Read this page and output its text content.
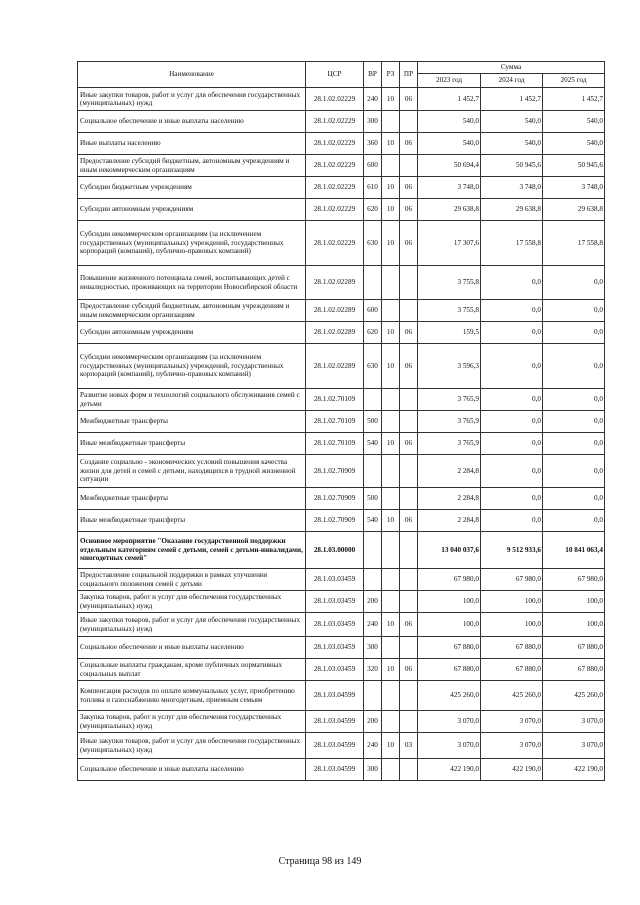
Наименование	ЦСР	ВР	РЗ	ПР	Сумма		
					2023 год	2024 год	2025 год
Иные закупки товаров, работ и услуг для обеспечения государственных (муниципальных) нужд	28.1.02.02229	240	10	06	1 452,7	1 452,7	1 452,7
Социальное обеспечение и иные выплаты населению	28.1.02.02229	300			540,0	540,0	540,0
Иные выплаты населению	28.1.02.02229	360	10	06	540,0	540,0	540,0
Предоставление субсидий бюджетным, автономным учреждениям и иным некоммерческим организациям	28.1.02.02229	600			50 694,4	50 945,6	50 945,6
Субсидии бюджетным учреждениям	28.1.02.02229	610	10	06	3 748,0	3 748,0	3 748,0
Субсидии автономным учреждениям	28.1.02.02229	620	10	06	29 638,8	29 638,8	29 638,8
Субсидии некоммерческим организациям (за исключением государственных (муниципальных) учреждений, государственных корпораций (компаний), публично-правовых компаний)	28.1.02.02229	630	10	06	17 307,6	17 558,8	17 558,8
Повышение жизненного потенциала семей, воспитывающих детей с инвалидностью, проживающих на территории Новосибирской области	28.1.02.02289				3 755,8	0,0	0,0
Предоставление субсидий бюджетным, автономным учреждениям и иным некоммерческим организациям	28.1.02.02289	600			3 755,8	0,0	0,0
Субсидии автономным учреждениям	28.1.02.02289	620	10	06	159,5	0,0	0,0
Субсидии некоммерческим организациям (за исключением государственных (муниципальных) учреждений, государственных корпораций (компаний), публично-правовых компаний)	28.1.02.02289	630	10	06	3 596,3	0,0	0,0
Развитие новых форм и технологий социального обслуживания семей с детьми	28.1.02.70109				3 765,9	0,0	0,0
Межбюджетные трансферты	28.1.02.70109	500			3 765,9	0,0	0,0
Иные межбюджетные трансферты	28.1.02.70109	540	10	06	3 765,9	0,0	0,0
Создание социально - экономических условий повышения качества жизни для детей и семей с детьми, находящихся в трудной жизненной ситуации	28.1.02.70909				2 284,8	0,0	0,0
Межбюджетные трансферты	28.1.02.70909	500			2 284,8	0,0	0,0
Иные межбюджетные трансферты	28.1.02.70909	540	10	06	2 284,8	0,0	0,0
Основное мероприятие "Оказание государственной поддержки отдельным категориям семей с детьми, семей с детьми-инвалидами, многодетных семей"	28.1.03.00000				13 040 037,6	9 512 933,6	10 841 063,4
Предоставление социальной поддержки в рамках улучшения социального положения семей с детьми	28.1.03.03459				67 980,0	67 980,0	67 980,0
Закупка товаров, работ и услуг для обеспечения государственных (муниципальных) нужд	28.1.03.03459	200			100,0	100,0	100,0
Иные закупки товаров, работ и услуг для обеспечения государственных (муниципальных) нужд	28.1.03.03459	240	10	06	100,0	100,0	100,0
Социальное обеспечение и иные выплаты населению	28.1.03.03459	300			67 880,0	67 880,0	67 880,0
Социальные выплаты гражданам, кроме публичных нормативных социальных выплат	28.1.03.03459	320	10	06	67 880,0	67 880,0	67 880,0
Компенсация расходов по оплате коммунальных услуг, приобретению топлива и газоснабжению многодетным, приемным семьям	28.1.03.04599				425 260,0	425 260,0	425 260,0
Закупка товаров, работ и услуг для обеспечения государственных (муниципальных) нужд	28.1.03.04599	200			3 070,0	3 070,0	3 070,0
Иные закупки товаров, работ и услуг для обеспечения государственных (муниципальных) нужд	28.1.03.04599	240	10	03	3 070,0	3 070,0	3 070,0
Социальное обеспечение и иные выплаты населению	28.1.03.04599	300			422 190,0	422 190,0	422 190,0
Страница 98 из 149
